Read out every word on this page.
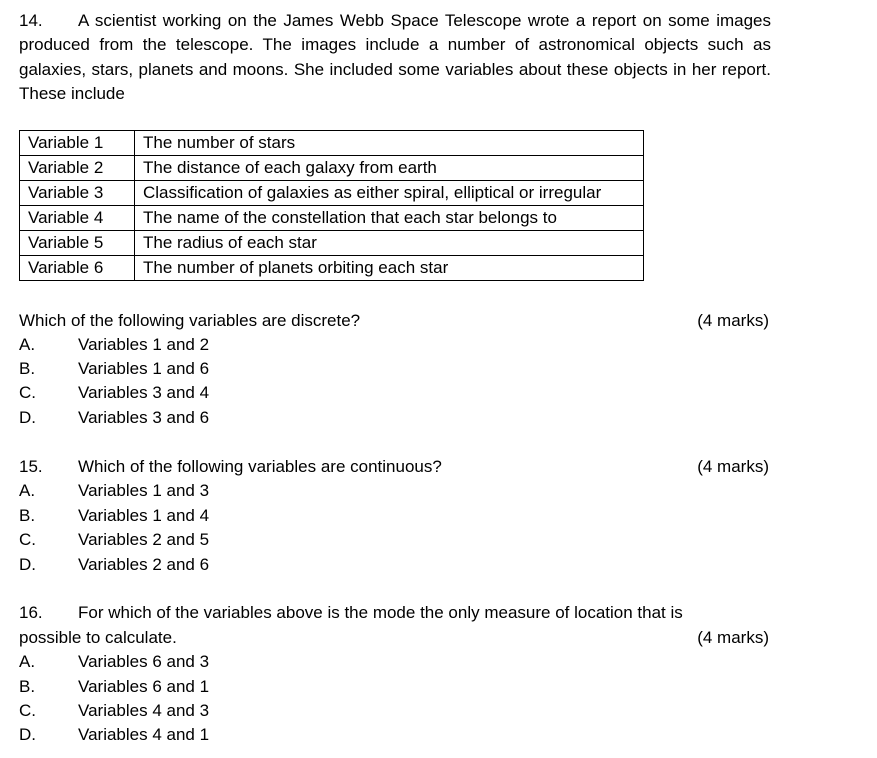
14. A scientist working on the James Webb Space Telescope wrote a report on some images produced from the telescope. The images include a number of astronomical objects such as galaxies, stars, planets and moons. She included some variables about these objects in her report. These include
Variable 1	The number of stars
Variable 2	The distance of each galaxy from earth
Variable 3	Classification of galaxies as either spiral, elliptical or irregular
Variable 4	The name of the constellation that each star belongs to
Variable 5	The radius of each star
Variable 6	The number of planets orbiting each star
Which of the following variables are discrete?	(4 marks)
A.	Variables 1 and 2
B.	Variables 1 and 6
C. Variables 3 and 4
D. Variables 3 and 6
15. Which of the following variables are continuous?	(4 marks)
A.	Variables 1 and 3
B.	Variables 1 and 4
C. Variables 2 and 5
D. Variables 2 and 6
16. For which of the variables above is the mode the only measure of location that is
possible to calculate.	(4 marks)
A.	Variables 6 and 3
B.	Variables 6 and 1
C. Variables 4 and 3
D. Variables 4 and 1
